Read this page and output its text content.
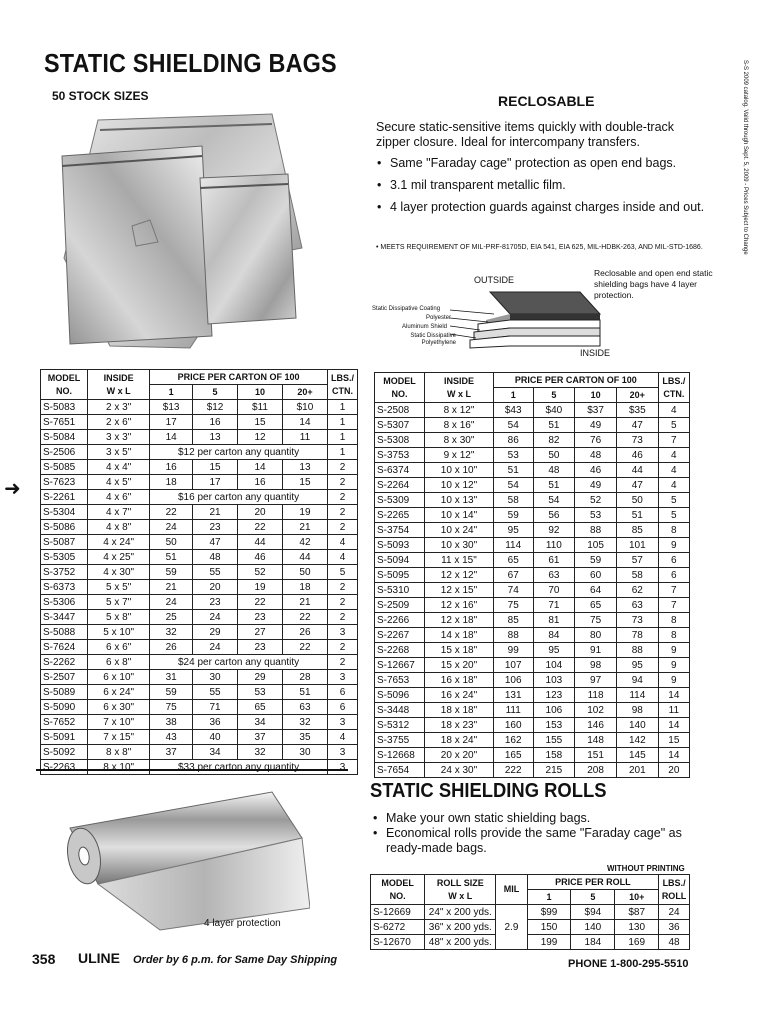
STATIC SHIELDING BAGS
50 STOCK SIZES	S-S 2009 catalog. Valid through Sept. 5, 2009 - Prices Subject to Change
RECLOSABLE
Secure static-sensitive items quickly with double-track zipper closure. Ideal for intercompany transfers.
• Same "Faraday cage" protection as open end bags.
• 3.1 mil transparent metallic film.
• 4 layer protection guards against charges inside and out.
• MEETS REQUIREMENT OF MIL-PRF-81705D, EIA 541, EIA 625, MIL-HDBK-263, AND MIL-STD-1686.
OUTSIDE
INSIDE
Reclosable and open end static shielding bags have 4 layer protection.
Static Dissipative Coating
Polyester
Aluminum Shield
Static Dissipative Polyethylene
➜
MODEL NO.	INSIDE
W x L	PRICE PER CARTON OF 100				LBS./ CTN.
		1	5	10	20+	
S-5083	2 x 3"	$13	$12	$11	$10	1
S-7651	2 x 6"	17	16	15	14	1
S-5084	3 x 3"	14	13	12	11	1
S-2506	3 x 5"	$12 per carton any quantity				1
S-5085	4 x 4"	16	15	14	13	2
S-7623	4 x 5"	18	17	16	15	2
S-2261	4 x 6"	$16 per carton any quantity				2
S-5304	4 x 7"	22	21	20	19	2
S-5086	4 x 8"	24	23	22	21	2
S-5087	4 x 24"	50	47	44	42	4
S-5305	4 x 25"	51	48	46	44	4
S-3752	4 x 30"	59	55	52	50	5
S-6373	5 x 5"	21	20	19	18	2
S-5306	5 x 7"	24	23	22	21	2
S-3447	5 x 8"	25	24	23	22	2
S-5088	5 x 10"	32	29	27	26	3
S-7624	6 x 6"	26	24	23	22	2
S-2262	6 x 8"	$24 per carton any quantity				2
S-2507	6 x 10"	31	30	29	28	3
S-5089	6 x 24"	59	55	53	51	6
S-5090	6 x 30"	75	71	65	63	6
S-7652	7 x 10"	38	36	34	32	3
S-5091	7 x 15"	43	40	37	35	4
S-5092	8 x 8"	37	34	32	30	3
S-2263	8 x 10"	$33 per carton any quantity				3
MODEL NO.	INSIDE
W x L	PRICE PER CARTON OF 100				LBS./ CTN.
		1	5	10	20+	
S-2508	8 x 12"	$43	$40	$37	$35	4
S-5307	8 x 16"	54	51	49	47	5
S-5308	8 x 30"	86	82	76	73	7
S-3753	9 x 12"	53	50	48	46	4
S-6374	10 x 10"	51	48	46	44	4
S-2264	10 x 12"	54	51	49	47	4
S-5309	10 x 13"	58	54	52	50	5
S-2265	10 x 14"	59	56	53	51	5
S-3754	10 x 24"	95	92	88	85	8
S-5093	10 x 30"	114	110	105	101	9
S-5094	11 x 15"	65	61	59	57	6
S-5095	12 x 12"	67	63	60	58	6
S-5310	12 x 15"	74	70	64	62	7
S-2509	12 x 16"	75	71	65	63	7
S-2266	12 x 18"	85	81	75	73	8
S-2267	14 x 18"	88	84	80	78	8
S-2268	15 x 18"	99	95	91	88	9
S-12667	15 x 20"	107	104	98	95	9
S-7653	16 x 18"	106	103	97	94	9
S-5096	16 x 24"	131	123	118	114	14
S-3448	18 x 18"	111	106	102	98	11
S-5312	18 x 23"	160	153	146	140	14
S-3755	18 x 24"	162	155	148	142	15
S-12668	20 x 20"	165	158	151	145	14
S-7654	24 x 30"	222	215	208	201	20
4 layer protection
STATIC SHIELDING ROLLS
• Make your own static shielding bags.
• Economical rolls provide the same "Faraday cage" as ready-made bags.
WITHOUT PRINTING
MODEL NO.	ROLL SIZE
W x L	MIL	PRICE PER ROLL			LBS./ ROLL
			1	5	10+	
S-12669	24" x 200 yds.	2.9	$99	$94	$87	24
S-6272	36" x 200 yds.		150	140	130	36
S-12670	48" x 200 yds.		199	184	169	48
358 ULINE Order by 6 p.m. for Same Day Shipping	PHONE 1-800-295-5510
